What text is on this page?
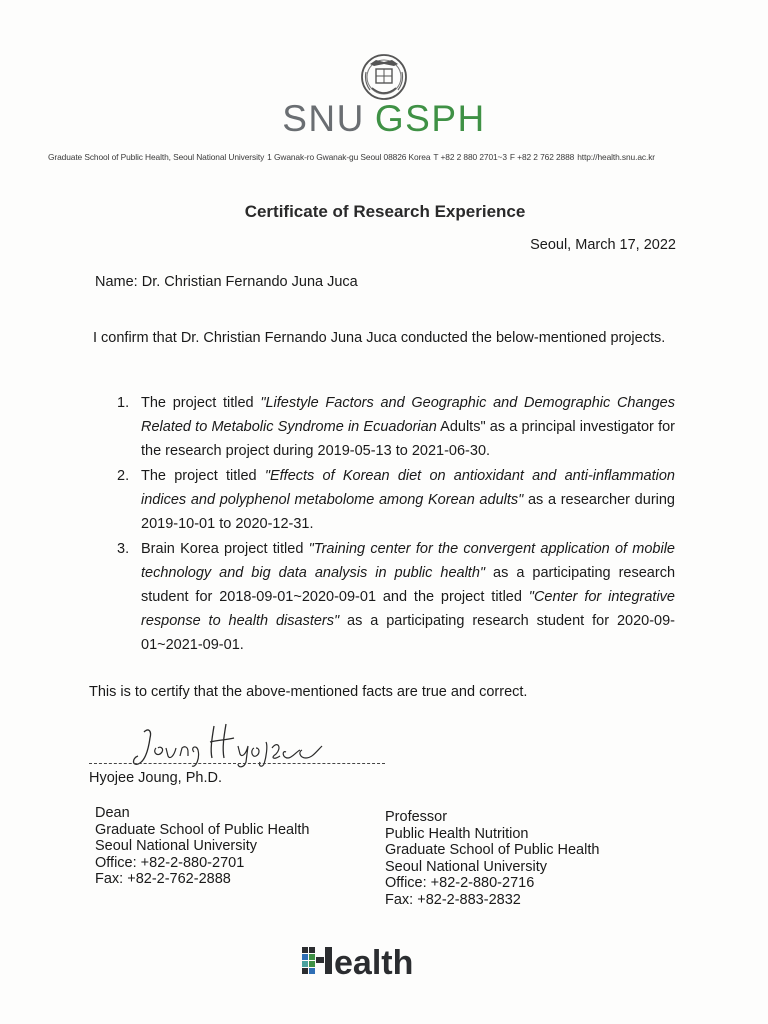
SNU GSPH
Graduate School of Public Health, Seoul National University 1 Gwanak-ro Gwanak-gu Seoul 08826 Korea T +82 2 880 2701~3 F +82 2 762 2888 http://health.snu.ac.kr
Certificate of Research Experience
Seoul, March 17, 2022
Name: Dr. Christian Fernando Juna Juca
I confirm that Dr. Christian Fernando Juna Juca conducted the below-mentioned projects.
1. The project titled "Lifestyle Factors and Geographic and Demographic Changes Related to Metabolic Syndrome in Ecuadorian Adults" as a principal investigator for the research project during 2019-05-13 to 2021-06-30.
2. The project titled "Effects of Korean diet on antioxidant and anti-inflammation indices and polyphenol metabolome among Korean adults" as a researcher during 2019-10-01 to 2020-12-31.
3. Brain Korea project titled "Training center for the convergent application of mobile technology and big data analysis in public health" as a participating research student for 2018-09-01~2020-09-01 and the project titled "Center for integrative response to health disasters" as a participating research student for 2020-09-01~2021-09-01.
This is to certify that the above-mentioned facts are true and correct.
Hyojee Joung, Ph.D.
Dean
Graduate School of Public Health
Seoul National University
Office: +82-2-880-2701
Fax: +82-2-762-2888
Professor
Public Health Nutrition
Graduate School of Public Health
Seoul National University
Office: +82-2-880-2716
Fax: +82-2-883-2832
ealth
